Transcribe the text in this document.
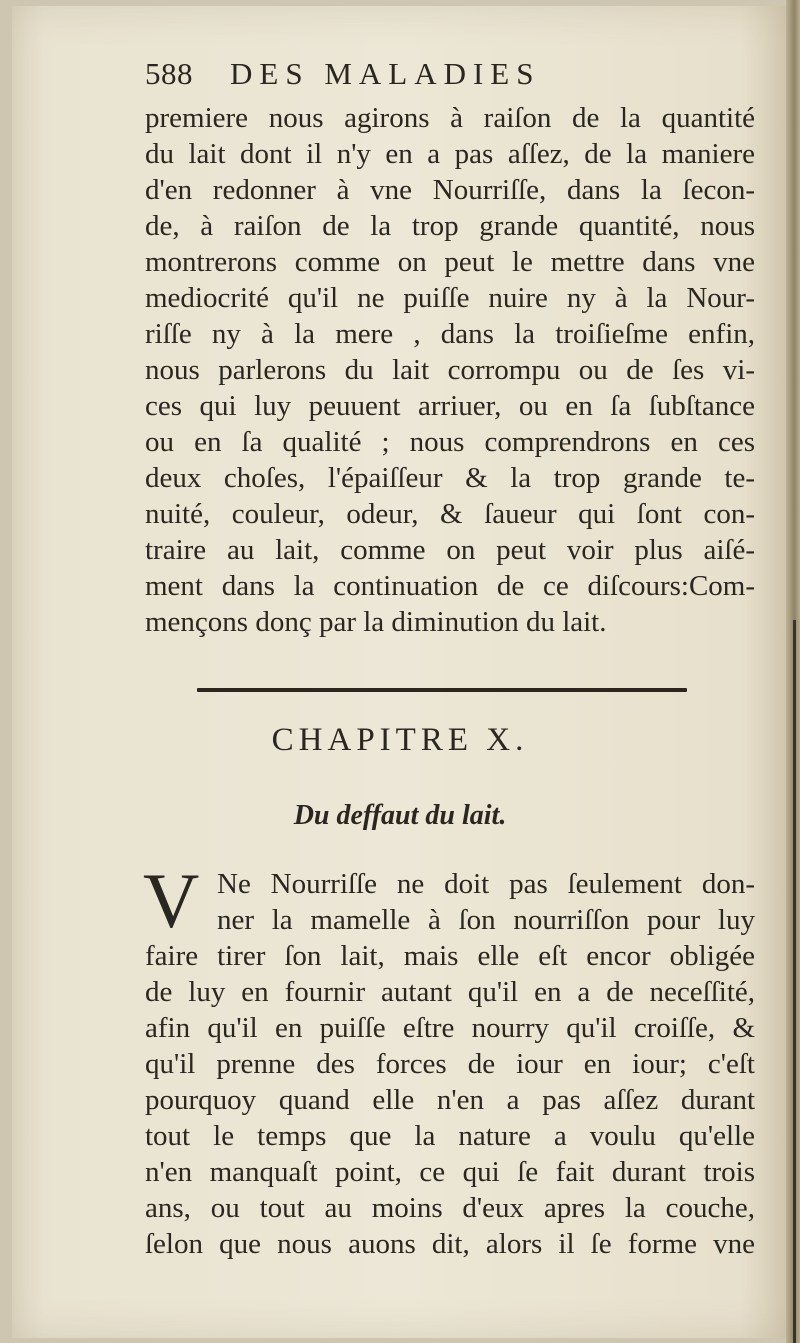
588 DES MALADIES
premiere nous agirons à raiſon de la quantité
du lait dont il n'y en a pas aſſez, de la maniere
d'en redonner à vne Nourriſſe, dans la ſecon-
de, à raiſon de la trop grande quantité, nous
montrerons comme on peut le mettre dans vne
mediocrité qu'il ne puiſſe nuire ny à la Nour-
riſſe ny à la mere , dans la troiſieſme enfin,
nous parlerons du lait corrompu ou de ſes vi-
ces qui luy peuuent arriuer, ou en ſa ſubſtance
ou en ſa qualité ; nous comprendrons en ces
deux choſes, l'épaiſſeur & la trop grande te-
nuité, couleur, odeur, & ſaueur qui ſont con-
traire au lait, comme on peut voir plus aiſé-
ment dans la continuation de ce diſcours:Com-
mençons donç par la diminution du lait.
CHAPITRE X.
Du deffaut du lait.
V Ne Nourriſſe ne doit pas ſeulement don-
ner la mamelle à ſon nourriſſon pour luy
faire tirer ſon lait, mais elle eſt encor obligée
de luy en fournir autant qu'il en a de neceſſité,
afin qu'il en puiſſe eſtre nourry qu'il croiſſe, &
qu'il prenne des forces de iour en iour; c'eſt
pourquoy quand elle n'en a pas aſſez durant
tout le temps que la nature a voulu qu'elle
n'en manquaſt point, ce qui ſe fait durant trois
ans, ou tout au moins d'eux apres la couche,
ſelon que nous auons dit, alors il ſe forme vne
